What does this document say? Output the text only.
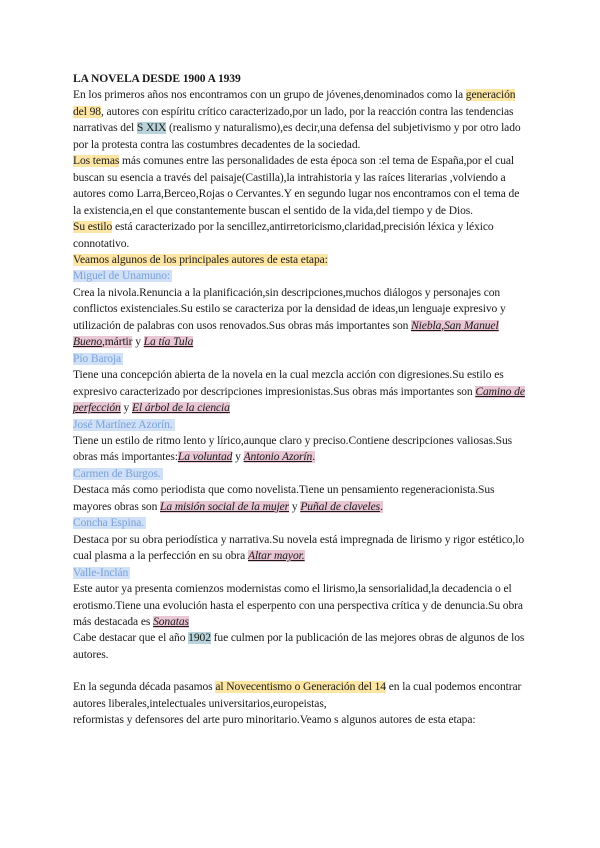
LA NOVELA DESDE 1900 A 1939

En los primeros años nos encontramos con un grupo de jóvenes,denominados como la generación del 98, autores con espíritu crítico caracterizado,por un lado, por la reacción contra las tendencias narrativas del S XIX (realismo y naturalismo),es decir,una defensa del subjetivismo y por otro lado por la protesta contra las costumbres decadentes de la sociedad.

Los temas más comunes entre las personalidades de esta época son :el tema de España,por el cual buscan su esencia a través del paisaje(Castilla),la intrahistoria y las raíces literarias ,volviendo a autores como Larra,Berceo,Rojas o Cervantes.Y en segundo lugar nos encontramos con el tema de la existencia,en el que constantemente buscan el sentido de la vida,del tiempo y de Dios.

Su estilo está caracterizado por la sencillez,antirretoricismo,claridad,precisión léxica y léxico connotativo.

Veamos algunos de los principales autores de esta etapa:

Miguel de Unamuno:

Crea la nivola.Renuncia a la planificación,sin descripciones,muchos diálogos y personajes con conflictos existenciales.Su estilo se caracteriza por la densidad de ideas,un lenguaje expresivo y utilización de palabras con usos renovados.Sus obras más importantes son Niebla,San Manuel Bueno,mártir y La tía Tula

Pío Baroja

Tiene una concepción abierta de la novela en la cual mezcla acción con digresiones.Su estilo es expresivo caracterizado por descripciones impresionistas.Sus obras más importantes son Camino de perfección y El árbol de la ciencia

José Martínez Azorín.

Tiene un estilo de ritmo lento y lírico,aunque claro y preciso.Contiene descripciones valiosas.Sus obras más importantes:La voluntad y Antonio Azorín.

Carmen de Burgos.

Destaca más como periodista que como novelista.Tiene un pensamiento regeneracionista.Sus mayores obras son La misión social de la mujer y Puñal de claveles.

Concha Espina.

Destaca por su obra periodística y narrativa.Su novela está impregnada de lirismo y rigor estético,lo cual plasma a la perfección en su obra Altar mayor.

Valle-Inclán

Este autor ya presenta comienzos modernistas como el lirismo,la sensorialidad,la decadencia o el erotismo.Tiene una evolución hasta el esperpento con una perspectiva crítica y de denuncia.Su obra más destacada es Sonatas

Cabe destacar que el año 1902 fue culmen por la publicación de las mejores obras de algunos de los autores.

En la segunda década pasamos al Novecentismo o Generación del 14 en la cual podemos encontrar autores liberales,intelectuales universitarios,europeistas,

reformistas y defensores del arte puro minoritario.Veamo s algunos autores de esta etapa:
